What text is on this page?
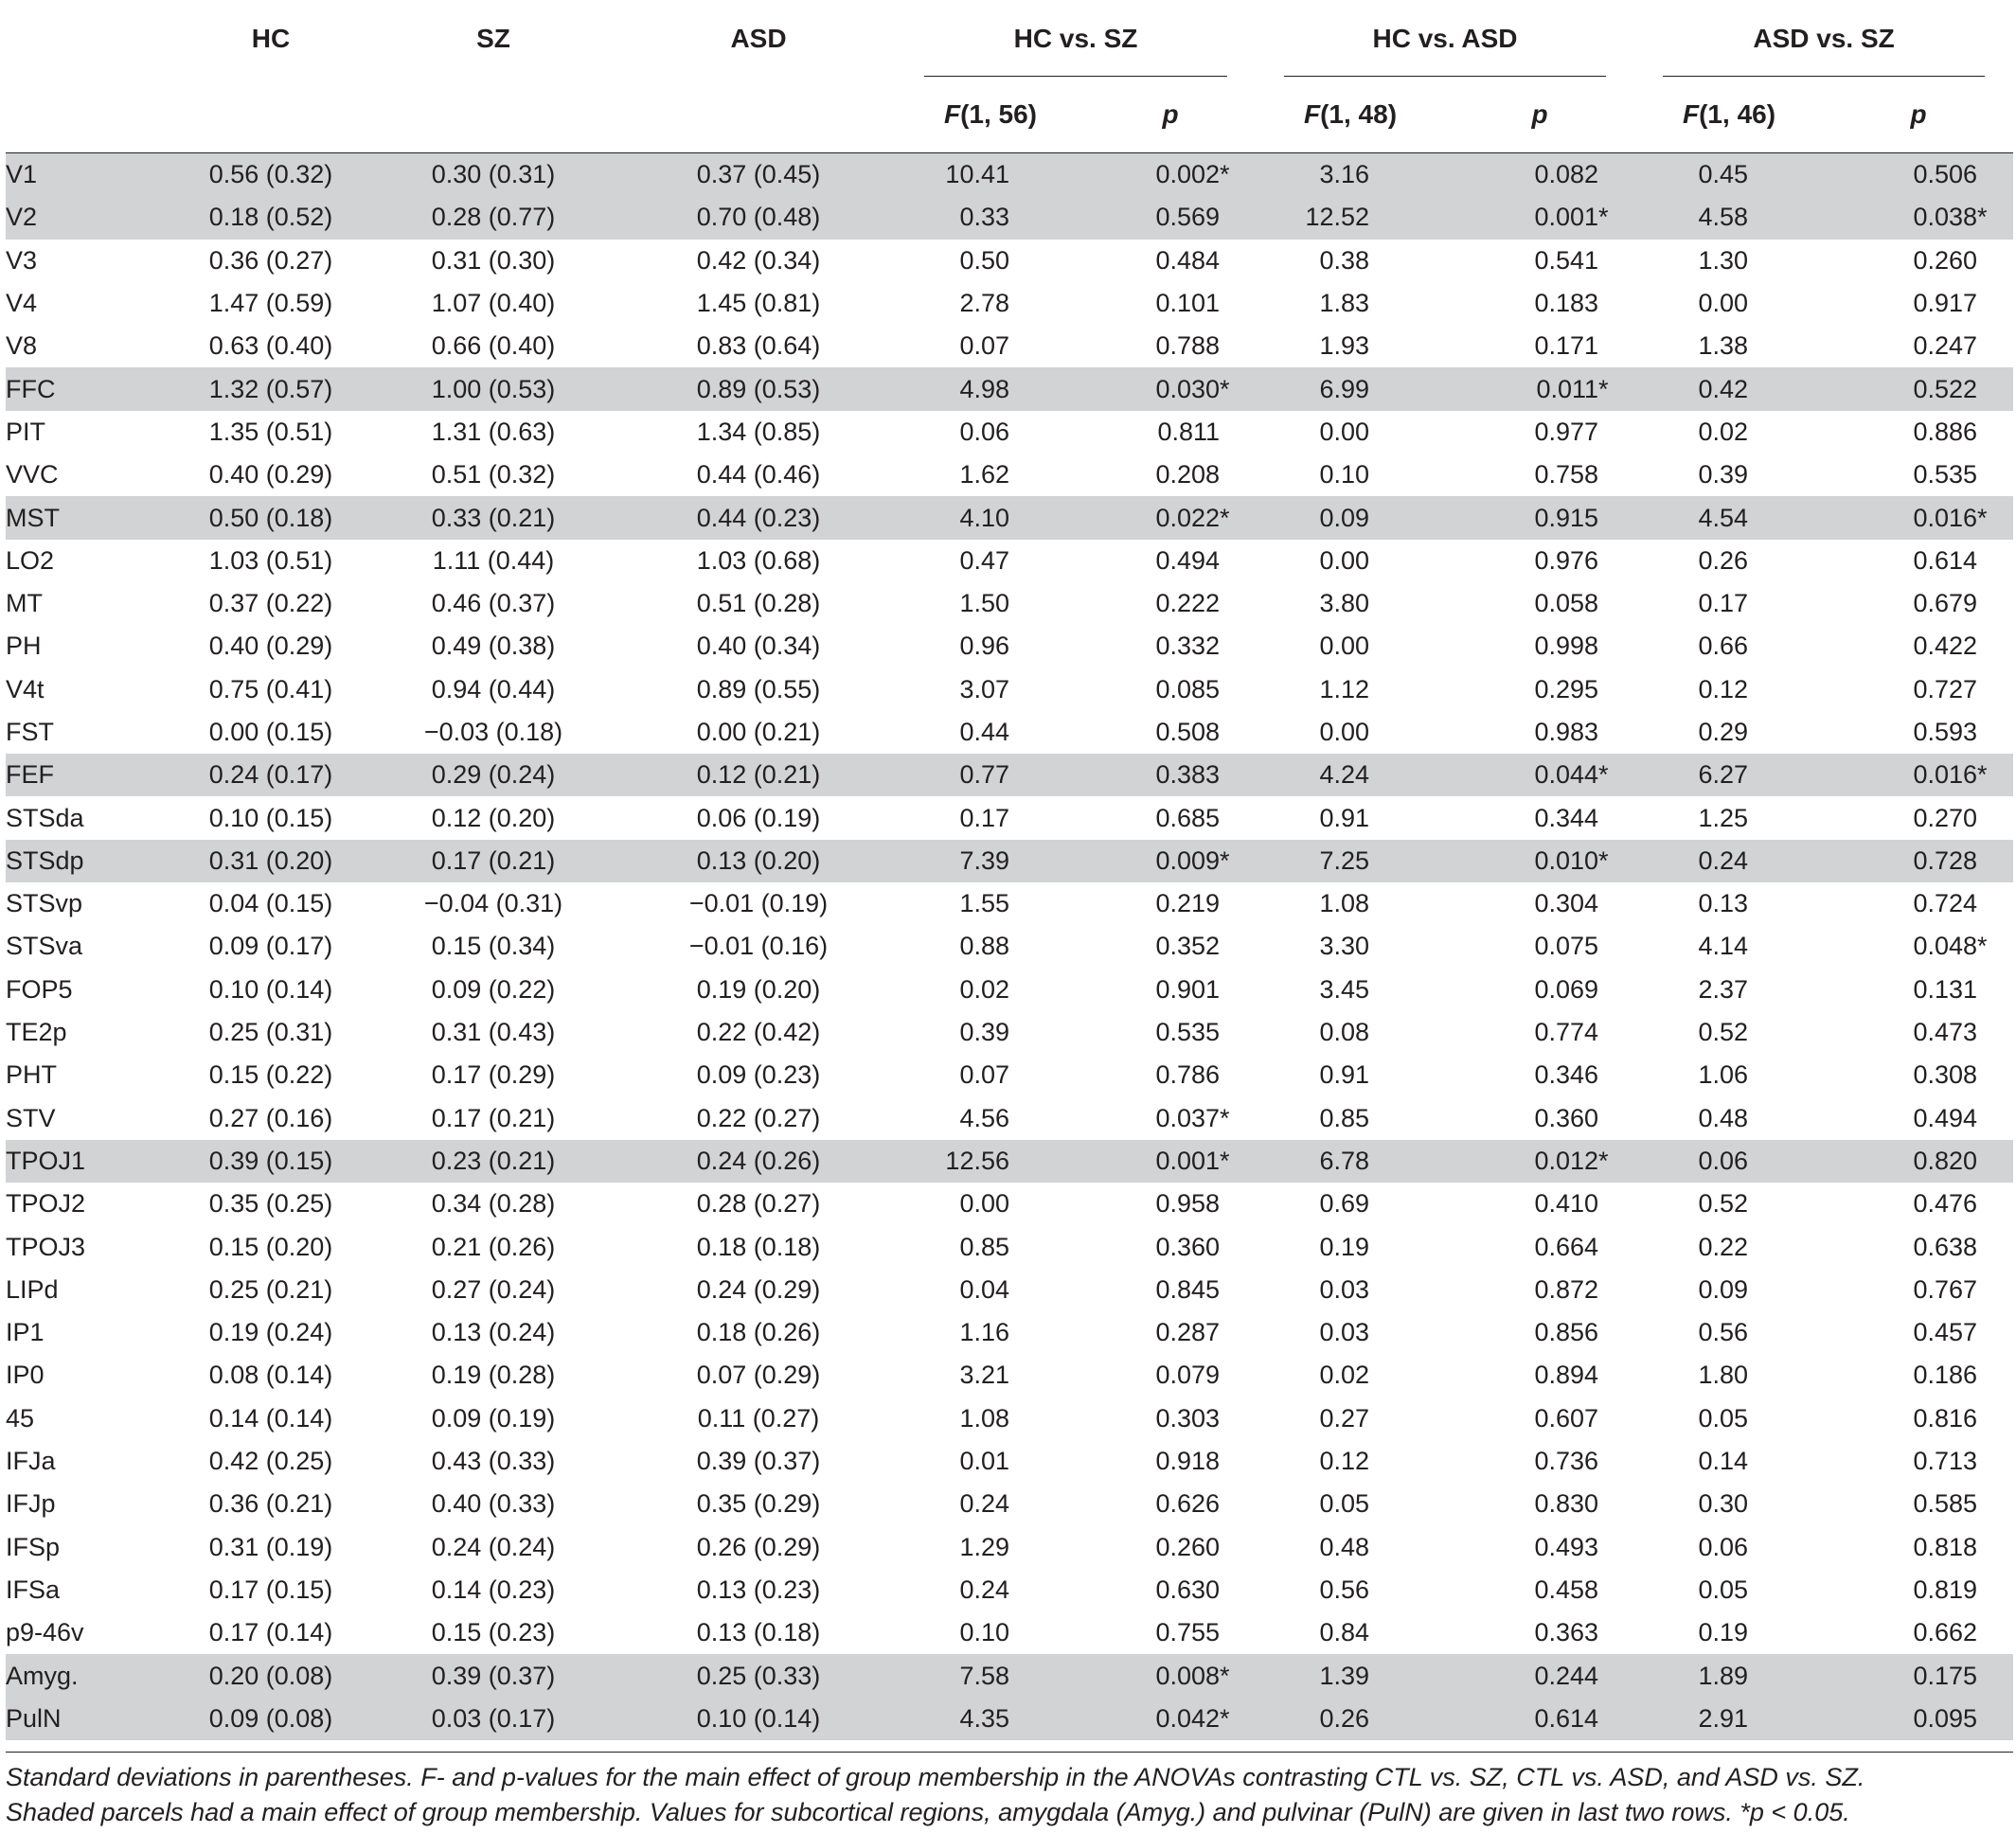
	HC	SZ	ASD	HC vs. SZ		HC vs. ASD		ASD vs. SZ	

				F(1, 56)	p	F(1, 48)	p	F(1, 46)	p
V1	0.56 (0.32)	0.30 (0.31)	0.37 (0.45)	10.41	0.002*	3.16	0.082	0.45	0.506
V2	0.18 (0.52)	0.28 (0.77)	0.70 (0.48)	0.33	0.569	12.52	0.001*	4.58	0.038*
V3	0.36 (0.27)	0.31 (0.30)	0.42 (0.34)	0.50	0.484	0.38	0.541	1.30	0.260
V4	1.47 (0.59)	1.07 (0.40)	1.45 (0.81)	2.78	0.101	1.83	0.183	0.00	0.917
V8	0.63 (0.40)	0.66 (0.40)	0.83 (0.64)	0.07	0.788	1.93	0.171	1.38	0.247
FFC	1.32 (0.57)	1.00 (0.53)	0.89 (0.53)	4.98	0.030*	6.99	0.011*	0.42	0.522
PIT	1.35 (0.51)	1.31 (0.63)	1.34 (0.85)	0.06	0.811	0.00	0.977	0.02	0.886
VVC	0.40 (0.29)	0.51 (0.32)	0.44 (0.46)	1.62	0.208	0.10	0.758	0.39	0.535
MST	0.50 (0.18)	0.33 (0.21)	0.44 (0.23)	4.10	0.022*	0.09	0.915	4.54	0.016*
LO2	1.03 (0.51)	1.11 (0.44)	1.03 (0.68)	0.47	0.494	0.00	0.976	0.26	0.614
MT	0.37 (0.22)	0.46 (0.37)	0.51 (0.28)	1.50	0.222	3.80	0.058	0.17	0.679
PH	0.40 (0.29)	0.49 (0.38)	0.40 (0.34)	0.96	0.332	0.00	0.998	0.66	0.422
V4t	0.75 (0.41)	0.94 (0.44)	0.89 (0.55)	3.07	0.085	1.12	0.295	0.12	0.727
FST	0.00 (0.15)	−0.03 (0.18)	0.00 (0.21)	0.44	0.508	0.00	0.983	0.29	0.593
FEF	0.24 (0.17)	0.29 (0.24)	0.12 (0.21)	0.77	0.383	4.24	0.044*	6.27	0.016*
STSda	0.10 (0.15)	0.12 (0.20)	0.06 (0.19)	0.17	0.685	0.91	0.344	1.25	0.270
STSdp	0.31 (0.20)	0.17 (0.21)	0.13 (0.20)	7.39	0.009*	7.25	0.010*	0.24	0.728
STSvp	0.04 (0.15)	−0.04 (0.31)	−0.01 (0.19)	1.55	0.219	1.08	0.304	0.13	0.724
STSva	0.09 (0.17)	0.15 (0.34)	−0.01 (0.16)	0.88	0.352	3.30	0.075	4.14	0.048*
FOP5	0.10 (0.14)	0.09 (0.22)	0.19 (0.20)	0.02	0.901	3.45	0.069	2.37	0.131
TE2p	0.25 (0.31)	0.31 (0.43)	0.22 (0.42)	0.39	0.535	0.08	0.774	0.52	0.473
PHT	0.15 (0.22)	0.17 (0.29)	0.09 (0.23)	0.07	0.786	0.91	0.346	1.06	0.308
STV	0.27 (0.16)	0.17 (0.21)	0.22 (0.27)	4.56	0.037*	0.85	0.360	0.48	0.494
TPOJ1	0.39 (0.15)	0.23 (0.21)	0.24 (0.26)	12.56	0.001*	6.78	0.012*	0.06	0.820
TPOJ2	0.35 (0.25)	0.34 (0.28)	0.28 (0.27)	0.00	0.958	0.69	0.410	0.52	0.476
TPOJ3	0.15 (0.20)	0.21 (0.26)	0.18 (0.18)	0.85	0.360	0.19	0.664	0.22	0.638
LIPd	0.25 (0.21)	0.27 (0.24)	0.24 (0.29)	0.04	0.845	0.03	0.872	0.09	0.767
IP1	0.19 (0.24)	0.13 (0.24)	0.18 (0.26)	1.16	0.287	0.03	0.856	0.56	0.457
IP0	0.08 (0.14)	0.19 (0.28)	0.07 (0.29)	3.21	0.079	0.02	0.894	1.80	0.186
45	0.14 (0.14)	0.09 (0.19)	0.11 (0.27)	1.08	0.303	0.27	0.607	0.05	0.816
IFJa	0.42 (0.25)	0.43 (0.33)	0.39 (0.37)	0.01	0.918	0.12	0.736	0.14	0.713
IFJp	0.36 (0.21)	0.40 (0.33)	0.35 (0.29)	0.24	0.626	0.05	0.830	0.30	0.585
IFSp	0.31 (0.19)	0.24 (0.24)	0.26 (0.29)	1.29	0.260	0.48	0.493	0.06	0.818
IFSa	0.17 (0.15)	0.14 (0.23)	0.13 (0.23)	0.24	0.630	0.56	0.458	0.05	0.819
p9-46v	0.17 (0.14)	0.15 (0.23)	0.13 (0.18)	0.10	0.755	0.84	0.363	0.19	0.662
Amyg.	0.20 (0.08)	0.39 (0.37)	0.25 (0.33)	7.58	0.008*	1.39	0.244	1.89	0.175
PulN	0.09 (0.08)	0.03 (0.17)	0.10 (0.14)	4.35	0.042*	0.26	0.614	2.91	0.095
Standard deviations in parentheses. F- and p-values for the main effect of group membership in the ANOVAs contrasting CTL vs. SZ, CTL vs. ASD, and ASD vs. SZ.
Shaded parcels had a main effect of group membership. Values for subcortical regions, amygdala (Amyg.) and pulvinar (PulN) are given in last two rows. *p < 0.05.
